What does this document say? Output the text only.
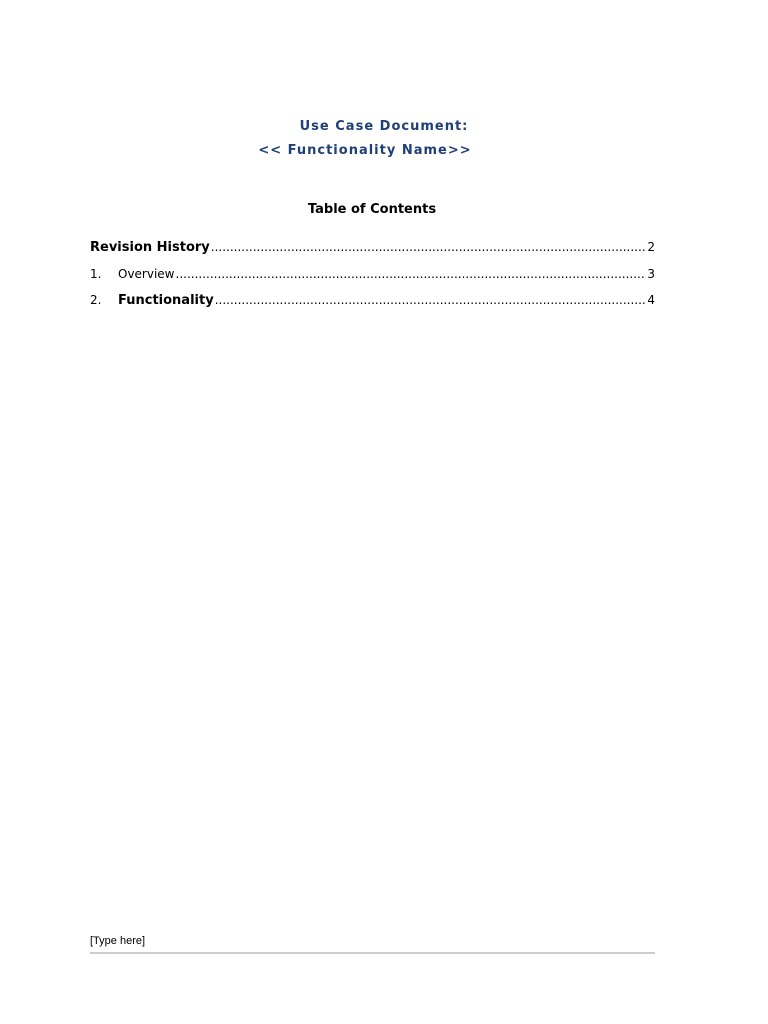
Use Case Document:
<< Functionality Name>>
Table of Contents
Revision History .....	2
1.	Overview .....	3
2.	Functionality .....	4
[Type here]
